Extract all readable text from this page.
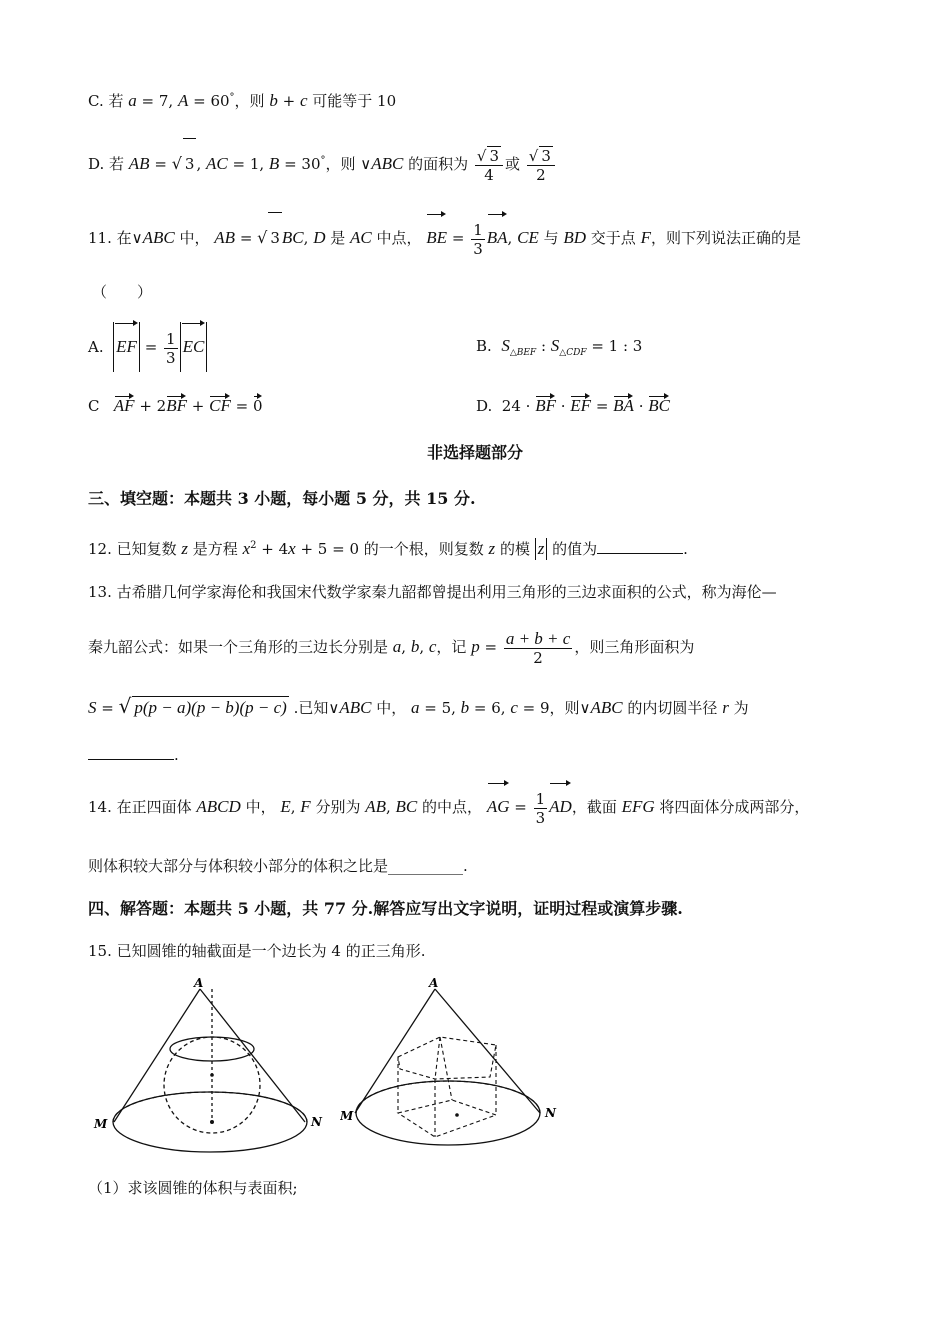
C. 若 a = 7, A = 60°，则 b + c 可能等于 10
D. 若 AB = √ 3 , AC = 1, B = 30°，则 ∨ABC 的面积为 $\frac{√ 3}{4}$ 或 $\frac{√ 3}{2}$
11. 在∨ABC 中， AB = √ 3 BC, D 是 AC 中点， BE = $\frac{1}{3}$ BA, CE 与 BD 交于点 F，则下列说法正确的是
（　　）
A.  EF = $\frac{1}{3}$ EC	B.  $S_{\triangle BEF}$ : $S_{\triangle CDF} = 1$ : 3
C   AF + 2BF + CF = 0	D.  24 · BF · EF = BA · BC
非选择题部分
三、填空题：本题共 3 小题，每小题 5 分，共 15 分.
12. 已知复数 z 是方程 $x^2 + 4x + 5 = 0$ 的一个根，则复数 z 的模 z 的值为	.
13. 古希腊几何学家海伦和我国宋代数学家秦九韶都曾提出利用三角形的三边求面积的公式，称为海伦—
秦九韶公式：如果一个三角形的三边长分别是 a, b, c，记 $p = \frac{a + b + c}{2}$ ，则三角形面积为
S = √ p(p − a)(p − b)(p − c) .已知∨ABC 中， a = 5, b = 6, c = 9，则∨ABC 的内切圆半径 r 为
.
14. 在正四面体 ABCD 中， E, F 分别为 AB, BC 的中点， AG = $\frac{1}{3}$ AD，截面 EFG 将四面体分成两部分，
则体积较大部分与体积较小部分的体积之比是__________.
四、解答题：本题共 5 小题，共 77 分.解答应写出文字说明，证明过程或演算步骤.
15. 已知圆锥的轴截面是一个边长为 4 的正三角形.
A
M	N
A
M	N
（1）求该圆锥的体积与表面积;
